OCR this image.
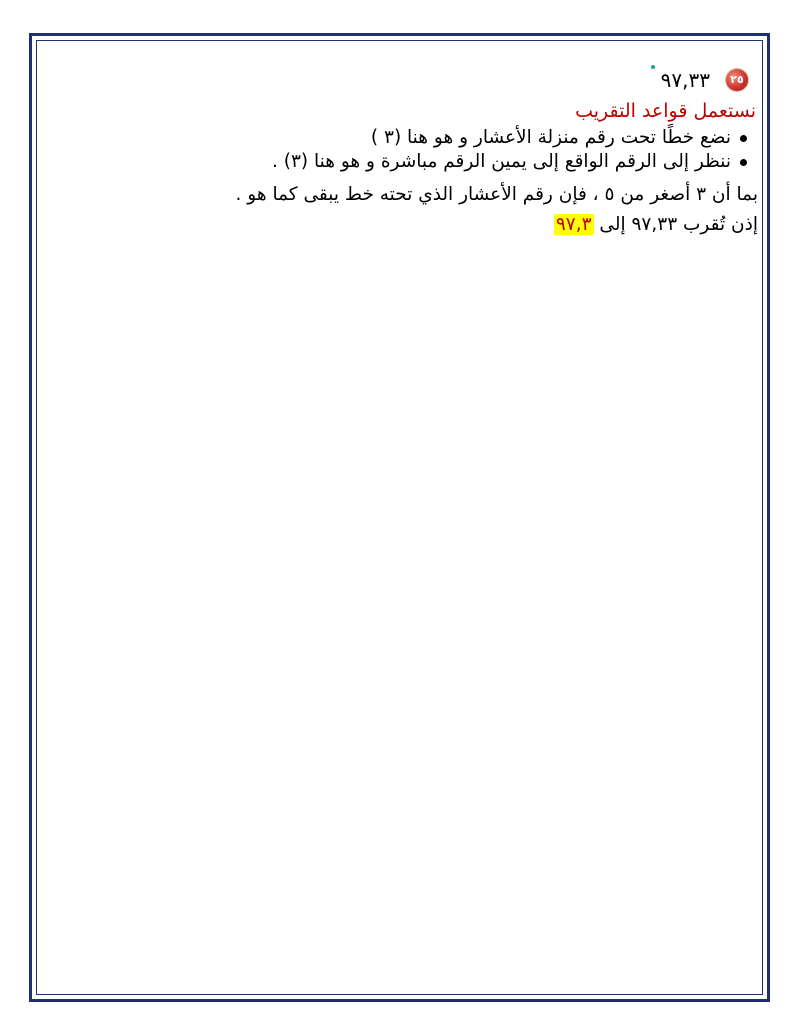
٢٥
٩٧,٣٣
نستعمل قواعد التقريب
نضع خطًا تحت رقم منزلة الأعشار و هو هنا (٣ )
ننظر إلى الرقم الواقع إلى يمين الرقم مباشرة و هو هنا (٣) .
بما أن ٣ أصغر من ٥ ، فإن رقم الأعشار الذي تحته خط يبقى كما هو .
إذن تُقرب ٩٧,٣٣ إلى ٩٧,٣
